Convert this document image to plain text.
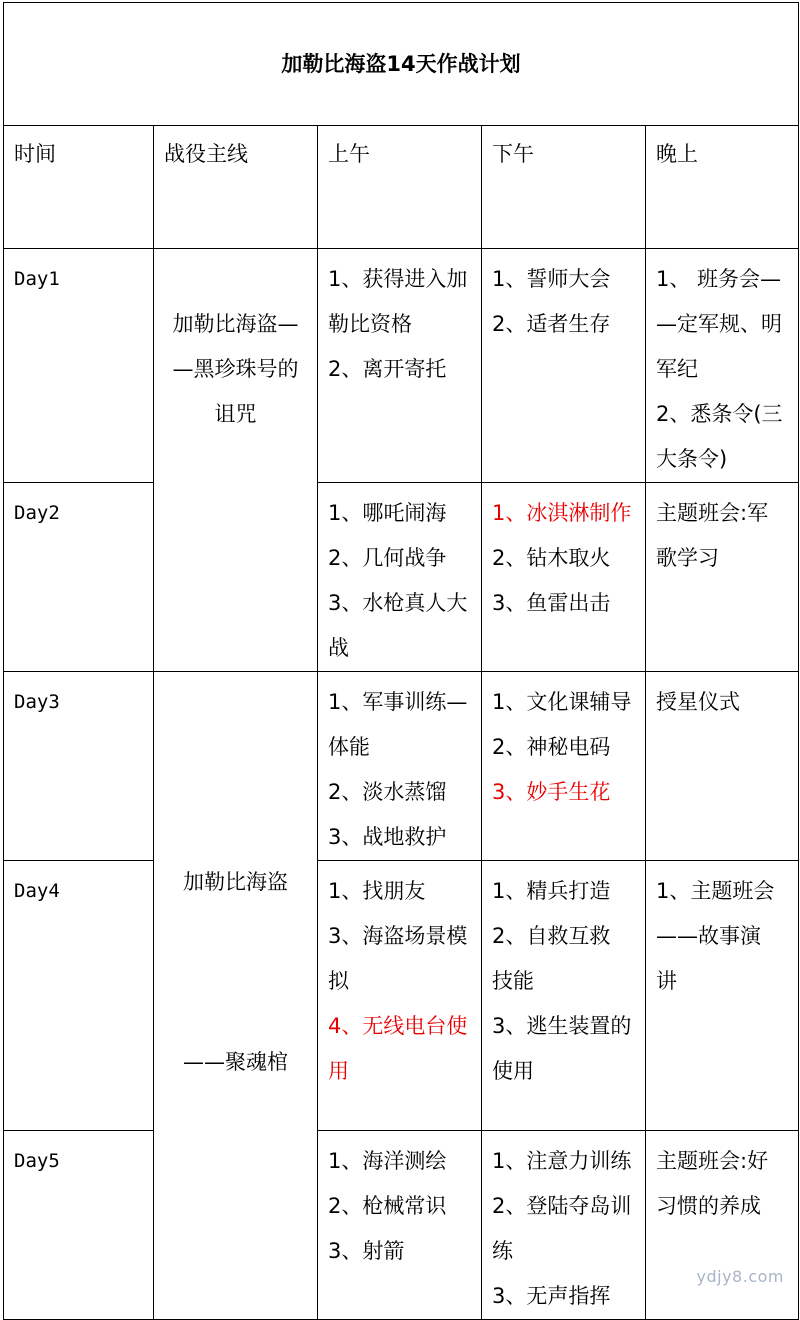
加勒比海盗14天作战计划				
时间	战役主线	上午	下午	晚上
Day1	加勒比海盗—
—黑珍珠号的
诅咒	1、获得进入加
勒比资格
2、离开寄托	1、誓师大会
2、适者生存	1、 班务会—
—定军规、明
军纪
2、悉条令(三
大条令)

Day2		1、哪吒闹海
2、几何战争
3、水枪真人大
战	1、冰淇淋制作
2、钻木取火
3、鱼雷出击	主题班会:军
歌学习

Day3	加勒比海盗
——聚魂棺	1、军事训练—
体能
2、淡水蒸馏
3、战地救护	1、文化课辅导
2、神秘电码
3、妙手生花	授星仪式

Day4		1、找朋友
3、海盗场景模
拟
4、无线电台使
用	1、精兵打造
2、自救互救
技能
3、逃生装置的
使用	1、主题班会
——故事演
讲

Day5		1、海洋测绘
2、枪械常识
3、射箭	1、注意力训练
2、登陆夺岛训
练
3、无声指挥	主题班会:好
习惯的养成
ydjy8.com
